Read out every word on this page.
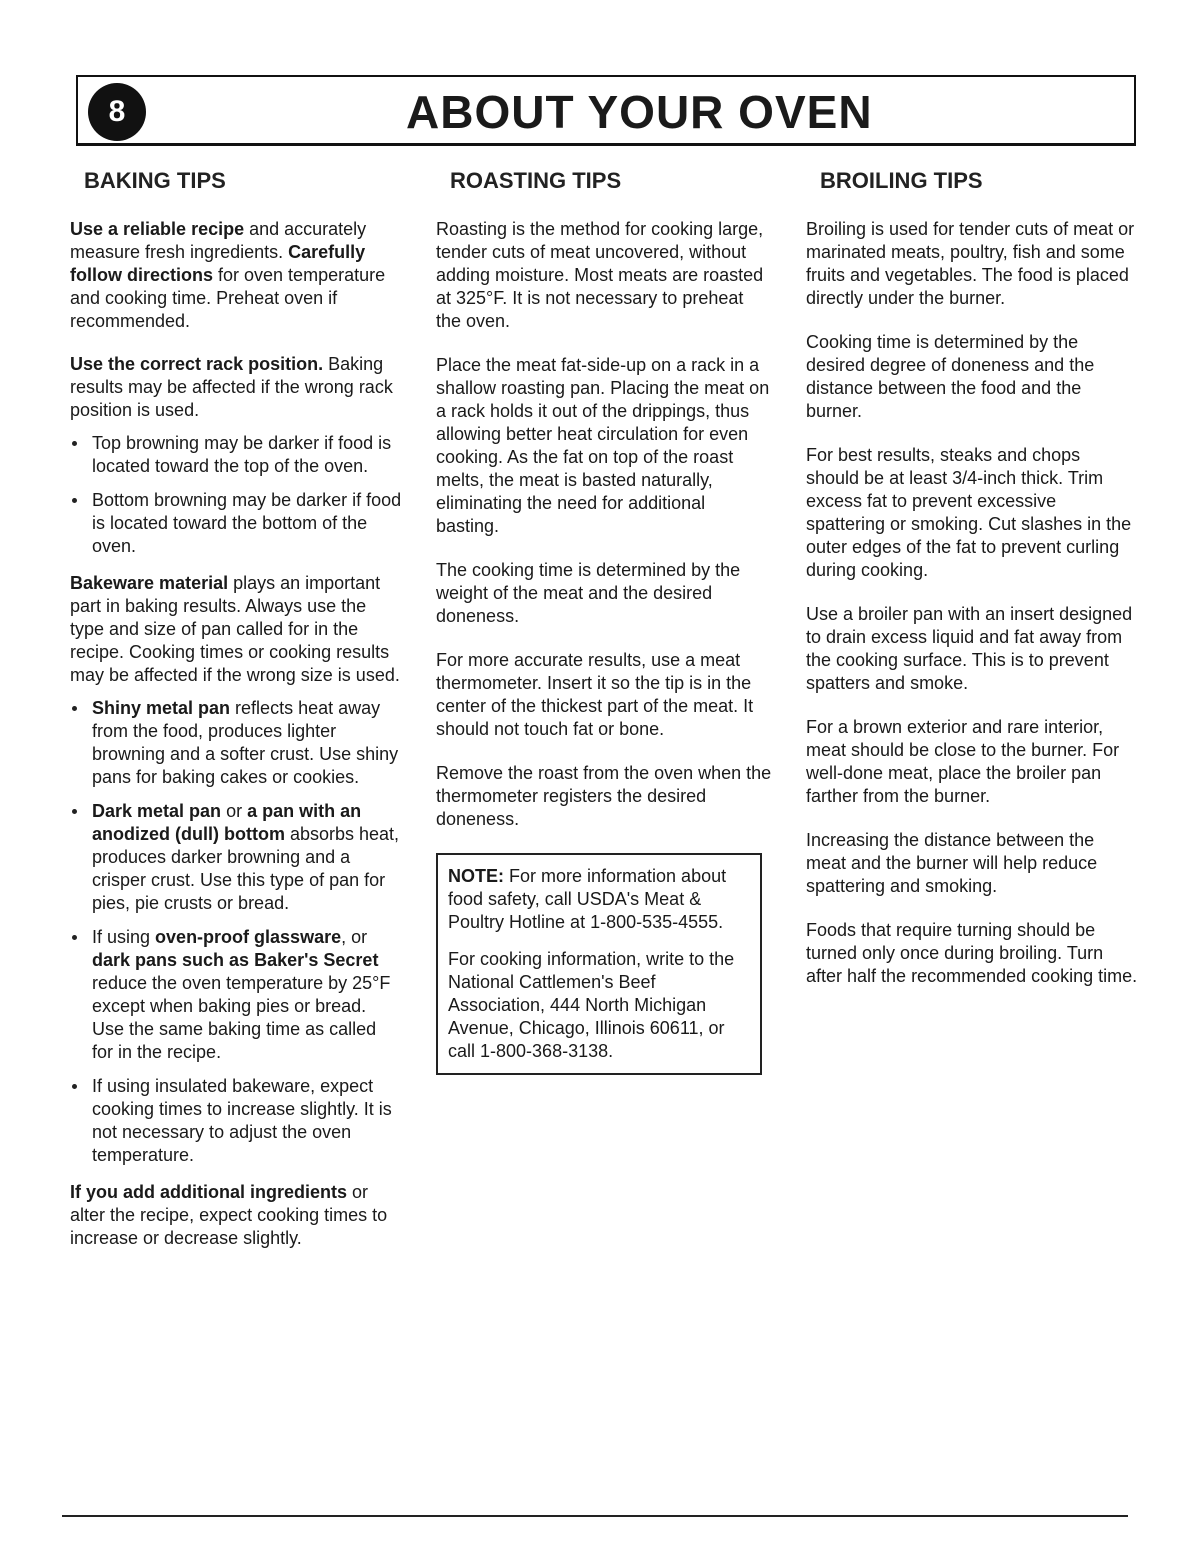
8	ABOUT YOUR OVEN
BAKING TIPS

Use a reliable recipe and accurately measure fresh ingredients. Carefully follow directions for oven temperature and cooking time. Preheat oven if recommended.

Use the correct rack position. Baking results may be affected if the wrong rack position is used.

Top browning may be darker if food is located toward the top of the oven.
Bottom browning may be darker if food is located toward the bottom of the oven.

Bakeware material plays an important part in baking results. Always use the type and size of pan called for in the recipe. Cooking times or cooking results may be affected if the wrong size is used.

Shiny metal pan reflects heat away from the food, produces lighter browning and a softer crust. Use shiny pans for baking cakes or cookies.
Dark metal pan or a pan with an anodized (dull) bottom absorbs heat, produces darker browning and a crisper crust. Use this type of pan for pies, pie crusts or bread.
If using oven-proof glassware, or dark pans such as Baker's Secret reduce the oven temperature by 25°F except when baking pies or bread. Use the same baking time as called for in the recipe.
If using insulated bakeware, expect cooking times to increase slightly. It is not necessary to adjust the oven temperature.

If you add additional ingredients or alter the recipe, expect cooking times to increase or decrease slightly.

ROASTING TIPS

Roasting is the method for cooking large, tender cuts of meat uncovered, without adding moisture. Most meats are roasted at 325°F. It is not necessary to preheat the oven.

Place the meat fat-side-up on a rack in a shallow roasting pan. Placing the meat on a rack holds it out of the drippings, thus allowing better heat circulation for even cooking. As the fat on top of the roast melts, the meat is basted naturally, eliminating the need for additional basting.

The cooking time is determined by the weight of the meat and the desired doneness.

For more accurate results, use a meat thermometer. Insert it so the tip is in the center of the thickest part of the meat. It should not touch fat or bone.

Remove the roast from the oven when the thermometer registers the desired doneness.

NOTE: For more information about food safety, call USDA's Meat & Poultry Hotline at 1-800-535-4555.

For cooking information, write to the National Cattlemen's Beef Association, 444 North Michigan Avenue, Chicago, Illinois 60611, or call 1-800-368-3138.

BROILING TIPS

Broiling is used for tender cuts of meat or marinated meats, poultry, fish and some fruits and vegetables. The food is placed directly under the burner.

Cooking time is determined by the desired degree of doneness and the distance between the food and the burner.

For best results, steaks and chops should be at least 3/4-inch thick. Trim excess fat to prevent excessive spattering or smoking. Cut slashes in the outer edges of the fat to prevent curling during cooking.

Use a broiler pan with an insert designed to drain excess liquid and fat away from the cooking surface. This is to prevent spatters and smoke.

For a brown exterior and rare interior, meat should be close to the burner. For well-done meat, place the broiler pan farther from the burner.

Increasing the distance between the meat and the burner will help reduce spattering and smoking.

Foods that require turning should be turned only once during broiling. Turn after half the recommended cooking time.
